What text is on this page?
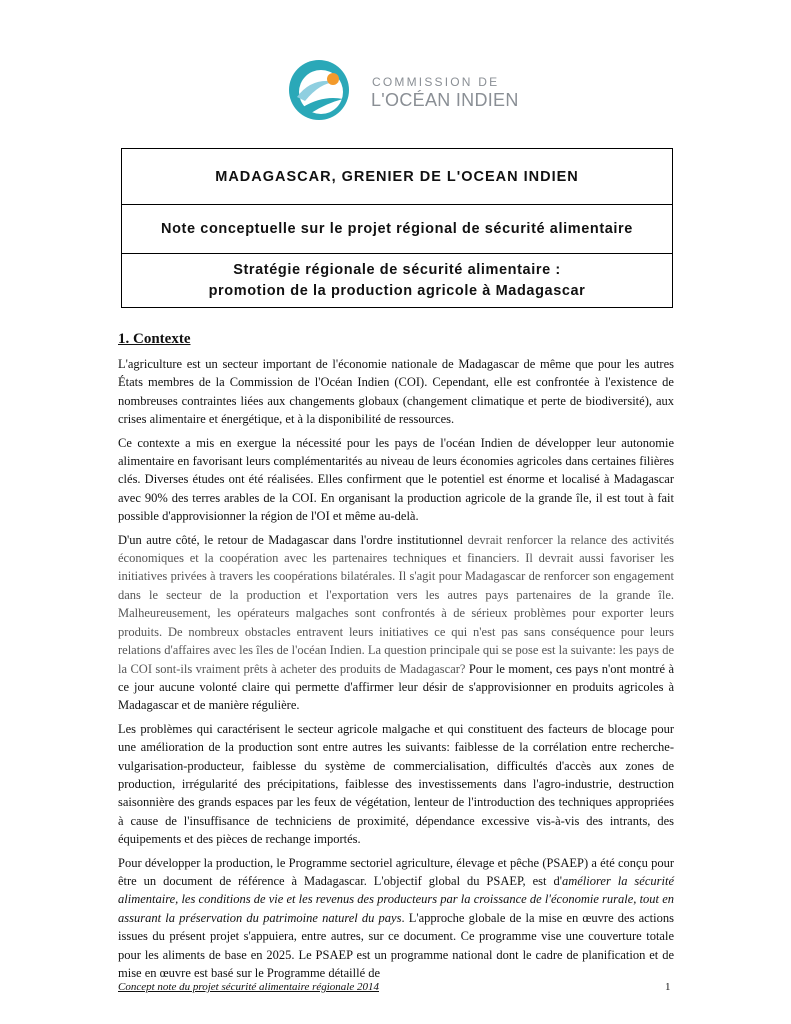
COMMISSION DE
L'OCÉAN INDIEN
MADAGASCAR, GRENIER DE L'OCEAN INDIEN
Note conceptuelle sur le projet régional de sécurité alimentaire
Stratégie régionale de sécurité alimentaire :
promotion de la production agricole à Madagascar
1. Contexte

L'agriculture est un secteur important de l'économie nationale de Madagascar de même que pour les autres États membres de la Commission de l'Océan Indien (COI). Cependant, elle est confrontée à l'existence de nombreuses contraintes liées aux changements globaux (changement climatique et perte de biodiversité), aux crises alimentaire et énergétique, et à la disponibilité de ressources.

Ce contexte a mis en exergue la nécessité pour les pays de l'océan Indien de développer leur autonomie alimentaire en favorisant leurs complémentarités au niveau de leurs économies agricoles dans certaines filières clés. Diverses études ont été réalisées. Elles confirment que le potentiel est énorme et localisé à Madagascar avec 90% des terres arables de la COI. En organisant la production agricole de la grande île, il est tout à fait possible d'approvisionner la région de l'OI et même au-delà.

D'un autre côté, le retour de Madagascar dans l'ordre institutionnel devrait renforcer la relance des activités économiques et la coopération avec les partenaires techniques et financiers. Il devrait aussi favoriser les initiatives privées à travers les coopérations bilatérales. Il s'agit pour Madagascar de renforcer son engagement dans le secteur de la production et l'exportation vers les autres pays partenaires de la grande île. Malheureusement, les opérateurs malgaches sont confrontés à de sérieux problèmes pour exporter leurs produits. De nombreux obstacles entravent leurs initiatives ce qui n'est pas sans conséquence pour leurs relations d'affaires avec les îles de l'océan Indien. La question principale qui se pose est la suivante: les pays de la COI sont-ils vraiment prêts à acheter des produits de Madagascar? Pour le moment, ces pays n'ont montré à ce jour aucune volonté claire qui permette d'affirmer leur désir de s'approvisionner en produits agricoles à Madagascar et de manière régulière.

Les problèmes qui caractérisent le secteur agricole malgache et qui constituent des facteurs de blocage pour une amélioration de la production sont entre autres les suivants: faiblesse de la corrélation entre recherche-vulgarisation-producteur, faiblesse du système de commercialisation, difficultés d'accès aux zones de production, irrégularité des précipitations, faiblesse des investissements dans l'agro-industrie, destruction saisonnière des grands espaces par les feux de végétation, lenteur de l'introduction des techniques appropriées à cause de l'insuffisance de techniciens de proximité, dépendance excessive vis-à-vis des intrants, des équipements et des pièces de rechange importés.

Pour développer la production, le Programme sectoriel agriculture, élevage et pêche (PSAEP) a été conçu pour être un document de référence à Madagascar. L'objectif global du PSAEP, est d'améliorer la sécurité alimentaire, les conditions de vie et les revenus des producteurs par la croissance de l'économie rurale, tout en assurant la préservation du patrimoine naturel du pays. L'approche globale de la mise en œuvre des actions issues du présent projet s'appuiera, entre autres, sur ce document. Ce programme vise une couverture totale pour les aliments de base en 2025. Le PSAEP est un programme national dont le cadre de planification et de mise en œuvre est basé sur le Programme détaillé de

Concept note du projet sécurité alimentaire régionale 2014	1
